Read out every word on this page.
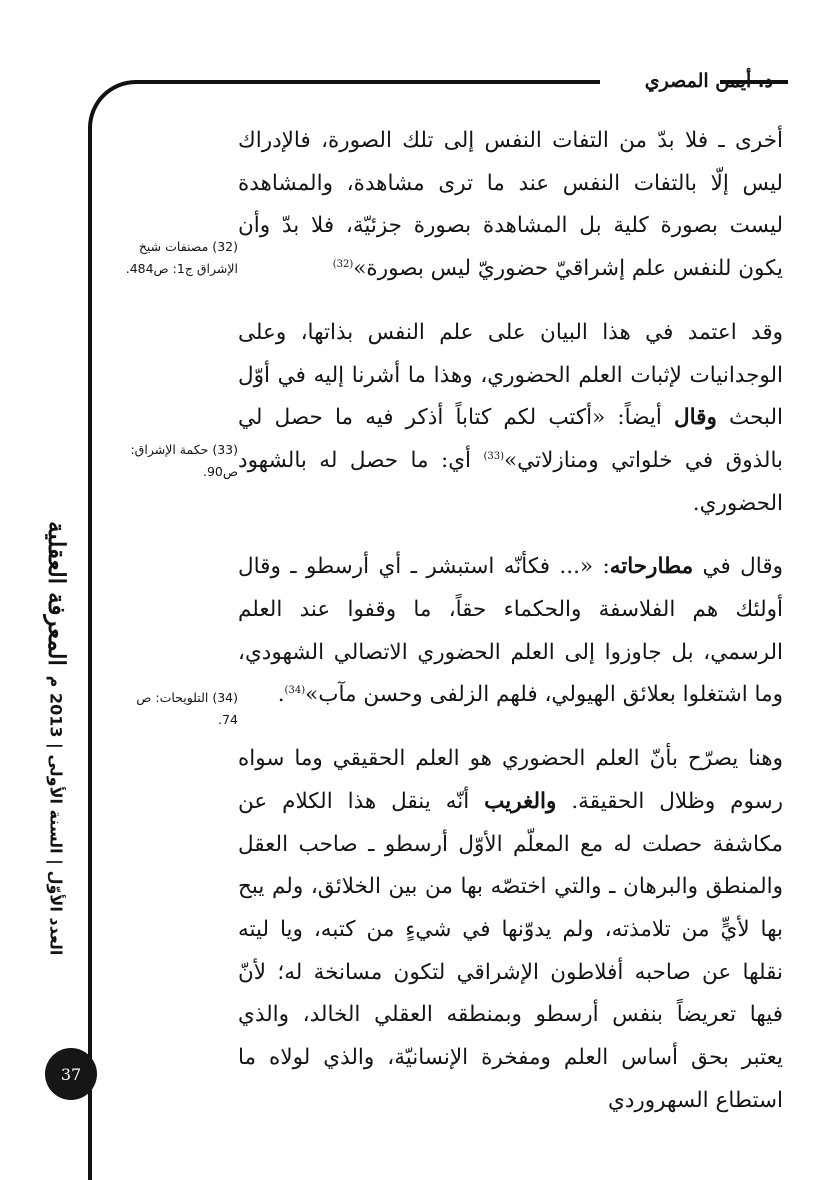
د. أيمن المصري

أخرى ـ فلا بدّ من التفات النفس إلى تلك الصورة، فالإدراك ليس إلّا بالتفات النفس عند ما ترى مشاهدة، والمشاهدة ليست بصورة كلية بل المشاهدة بصورة جزئيّة، فلا بدّ وأن يكون للنفس علم إشراقيّ حضوريّ ليس بصورة»$^{(32)}$

وقد اعتمد في هذا البيان على علم النفس بذاتها، وعلى الوجدانيات لإثبات العلم الحضوري، وهذا ما أشرنا إليه في أوّل البحث وقال أيضاً: «أكتب لكم كتاباً أذكر فيه ما حصل لي بالذوق في خلواتي ومنازلاتي»$^{(33)}$ أي: ما حصل له بالشهود الحضوري.

وقال في مطارحاته: «... فكأنّه استبشر ـ أي أرسطو ـ وقال أولئك هم الفلاسفة والحكماء حقاً، ما وقفوا عند العلم الرسمي، بل جاوزوا إلى العلم الحضوري الاتصالي الشهودي، وما اشتغلوا بعلائق الهيولي، فلهم الزلفى وحسن مآب»$^{(34)}$.

وهنا يصرّح بأنّ العلم الحضوري هو العلم الحقيقي وما سواه رسوم وظلال الحقيقة. والغريب أنّه ينقل هذا الكلام عن مكاشفة حصلت له مع المعلّم الأوّل أرسطو ـ صاحب العقل والمنطق والبرهان ـ والتي اختصّه بها من بين الخلائق، ولم يبح بها لأيٍّ من تلامذته، ولم يدوّنها في شيءٍ من كتبه، ويا ليته نقلها عن صاحبه أفلاطون الإشراقي لتكون مسانخة له؛ لأنّ فيها تعريضاً بنفس أرسطو وبمنطقه العقلي الخالد، والذي يعتبر بحق أساس العلم ومفخرة الإنسانيّة، والذي لولاه ما استطاع السهروردي

(32) مصنفات شيخ الإشراق ج1: ص484.
(33) حكمة الإشراق: ص90.
(34) التلويحات: ص 74.
المعرفة العقلية
العدد الأوّل | السنة الأولى | 2013 م
37
